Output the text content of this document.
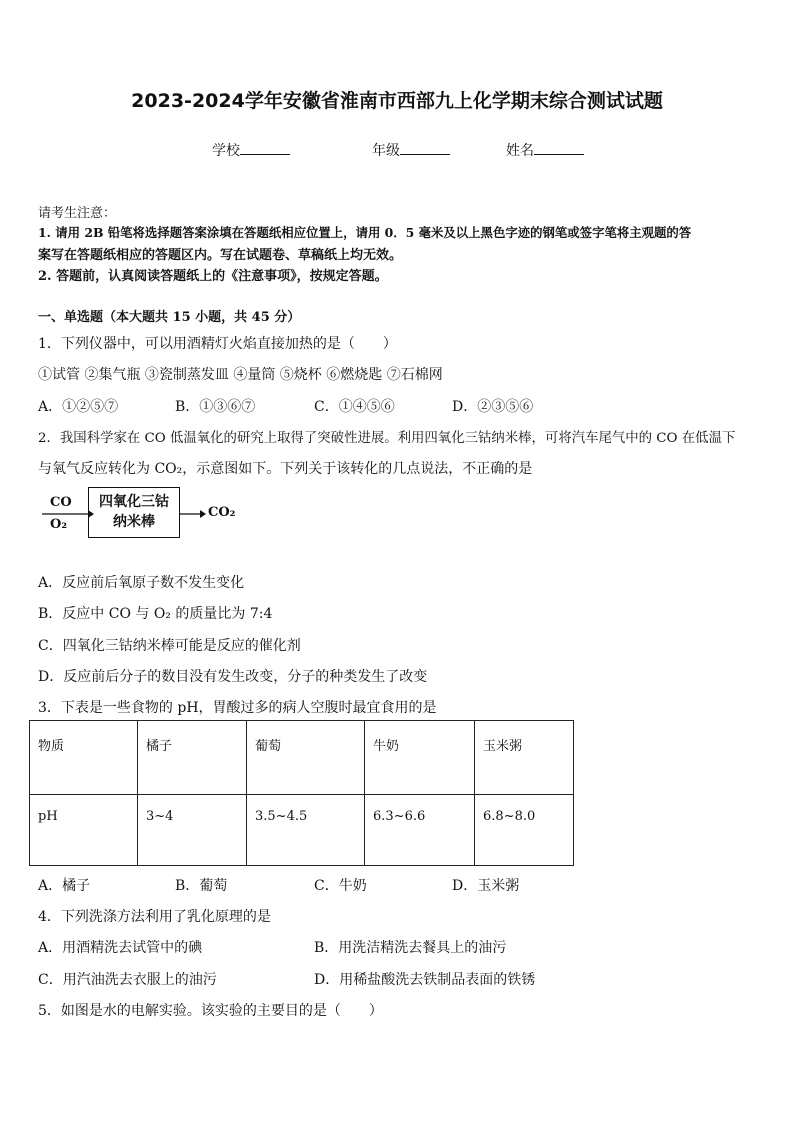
2023-2024学年安徽省淮南市西部九上化学期末综合测试试题
学校	年级	姓名
请考生注意：
1. 请用 2B 铅笔将选择题答案涂填在答题纸相应位置上，请用 0．5 毫米及以上黑色字迹的钢笔或签字笔将主观题的答
案写在答题纸相应的答题区内。写在试题卷、草稿纸上均无效。
2. 答题前，认真阅读答题纸上的《注意事项》，按规定答题。
一、单选题（本大题共 15 小题，共 45 分）
1．下列仪器中，可以用酒精灯火焰直接加热的是（　　）
①试管 ②集气瓶 ③瓷制蒸发皿 ④量筒 ⑤烧杯 ⑥燃烧匙 ⑦石棉网
A．①②⑤⑦	B．①③⑥⑦	C．①④⑤⑥	D．②③⑤⑥
2．我国科学家在 CO 低温氧化的研究上取得了突破性进展。利用四氧化三钴纳米棒，可将汽车尾气中的 CO 在低温下
与氧气反应转化为 CO₂，示意图如下。下列关于该转化的几点说法，不正确的是
CO
O₂
四氧化三钴
纳米棒
CO₂
A．反应前后氧原子数不发生变化
B．反应中 CO 与 O₂ 的质量比为 7:4
C．四氧化三钴纳米棒可能是反应的催化剂
D．反应前后分子的数目没有发生改变，分子的种类发生了改变
3．下表是一些食物的 pH，胃酸过多的病人空腹时最宜食用的是
物质	橘子	葡萄	牛奶	玉米粥
pH	3~4	3.5~4.5	6.3~6.6	6.8~8.0
A．橘子	B．葡萄	C．牛奶	D．玉米粥
4．下列洗涤方法利用了乳化原理的是
A．用酒精洗去试管中的碘	B．用洗洁精洗去餐具上的油污
C．用汽油洗去衣服上的油污	D．用稀盐酸洗去铁制品表面的铁锈
5．如图是水的电解实验。该实验的主要目的是（　　）
